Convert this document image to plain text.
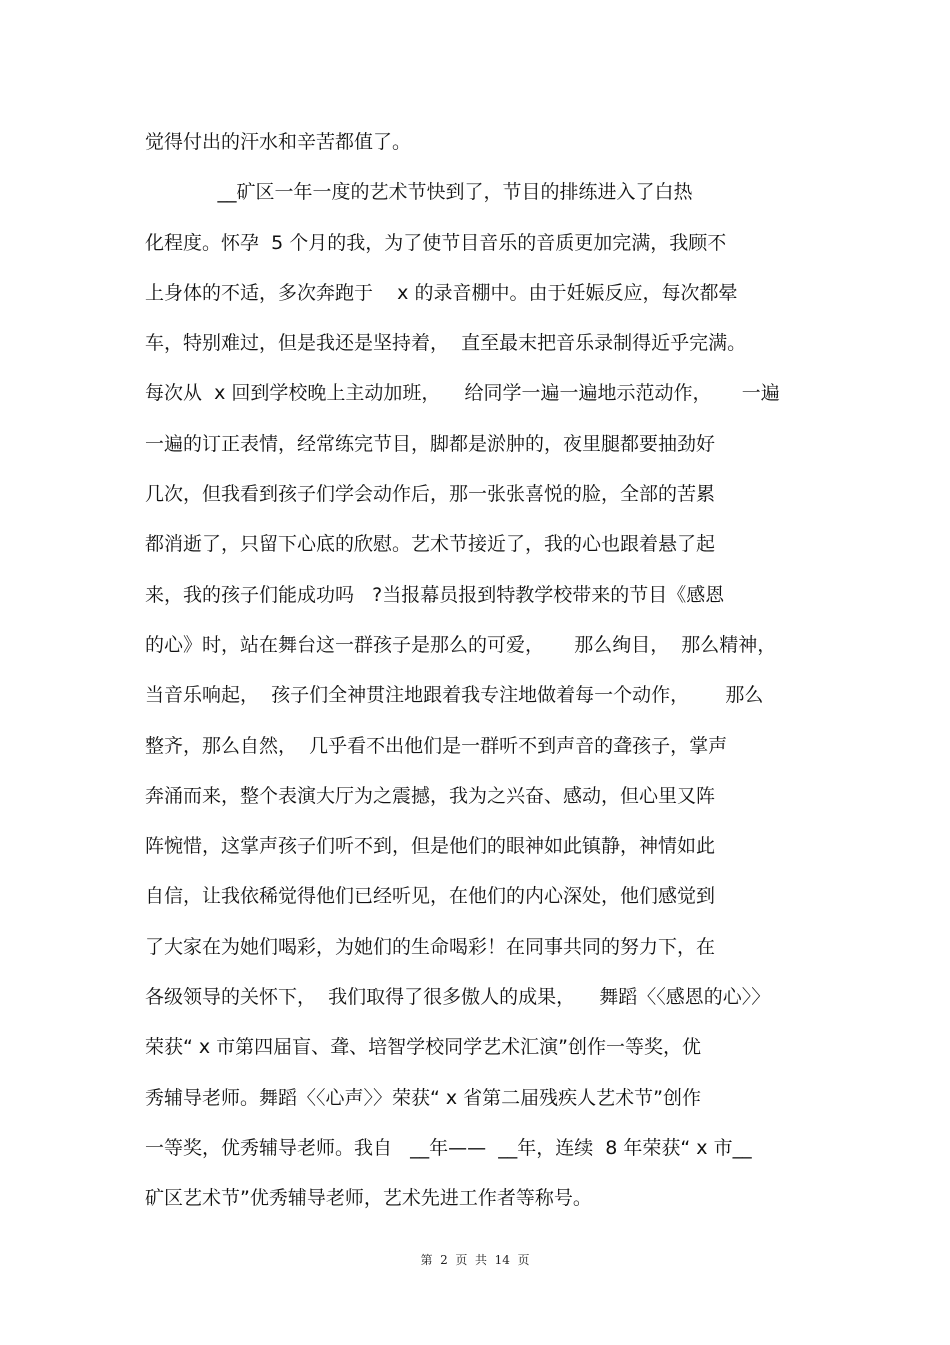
觉得付出的汗水和辛苦都值了。
__矿区一年一度的艺术节快到了，节目的排练进入了白热
化程度。怀孕  5 个月的我，为了使节目音乐的音质更加完满，我顾不
上身体的不适，多次奔跑于    x 的录音棚中。由于妊娠反应，每次都晕
车，特别难过，但是我还是坚持着，  直至最末把音乐录制得近乎完满。
每次从  x 回到学校晚上主动加班，    给同学一遍一遍地示范动作，     一遍
一遍的订正表情，经常练完节目，脚都是淤肿的，夜里腿都要抽劲好
几次，但我看到孩子们学会动作后，那一张张喜悦的脸，全部的苦累
都消逝了，只留下心底的欣慰。艺术节接近了，我的心也跟着悬了起
来，我的孩子们能成功吗   ?当报幕员报到特教学校带来的节目《感恩
的心》时，站在舞台这一群孩子是那么的可爱，     那么绚目，  那么精神，
当音乐响起，  孩子们全神贯注地跟着我专注地做着每一个动作，      那么
整齐，那么自然，  几乎看不出他们是一群听不到声音的聋孩子，掌声
奔涌而来，整个表演大厅为之震撼，我为之兴奋、感动，但心里又阵
阵惋惜，这掌声孩子们听不到，但是他们的眼神如此镇静，神情如此
自信，让我依稀觉得他们已经听见，在他们的内心深处，他们感觉到
了大家在为她们喝彩，为她们的生命喝彩！在同事共同的努力下，在
各级领导的关怀下，  我们取得了很多傲人的成果，    舞蹈〈〈感恩的心〉〉
荣获“ x 市第四届盲、聋、培智学校同学艺术汇演”创作一等奖，优
秀辅导老师。舞蹈〈〈心声〉〉荣获“ x 省第二届残疾人艺术节”创作
一等奖，优秀辅导老师。我自   __年——  __年，连续  8 年荣获“ x 市__
矿区艺术节”优秀辅导老师，艺术先进工作者等称号。
第  2  页  共  14  页
